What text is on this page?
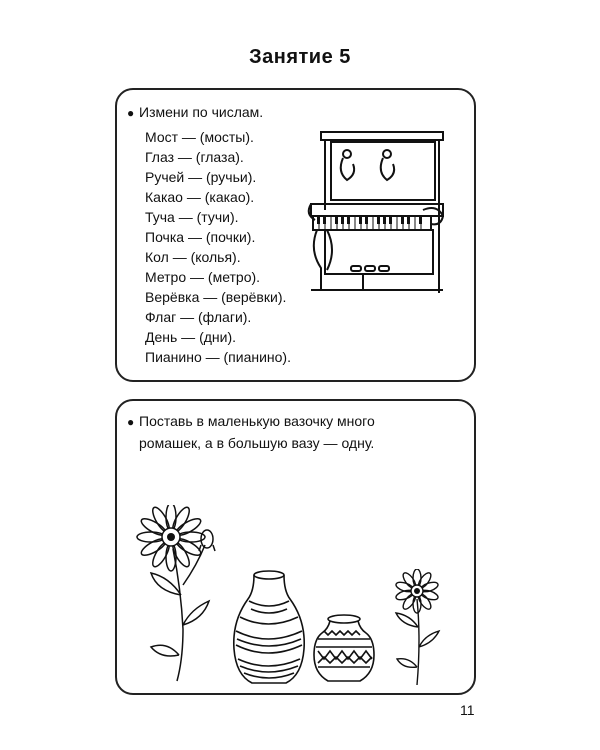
Занятие 5
● Измени по числам.
Мост — (мосты).
Глаз — (глаза).
Ручей — (ручьи).
Какао — (какао).
Туча — (тучи).
Почка — (почки).
Кол — (колья).
Метро — (метро).
Верёвка — (верёвки).
Флаг — (флаги).
День — (дни).
Пианино — (пианино).
● Поставь в маленькую вазочку много
ромашек, а в большую вазу — одну.
11
